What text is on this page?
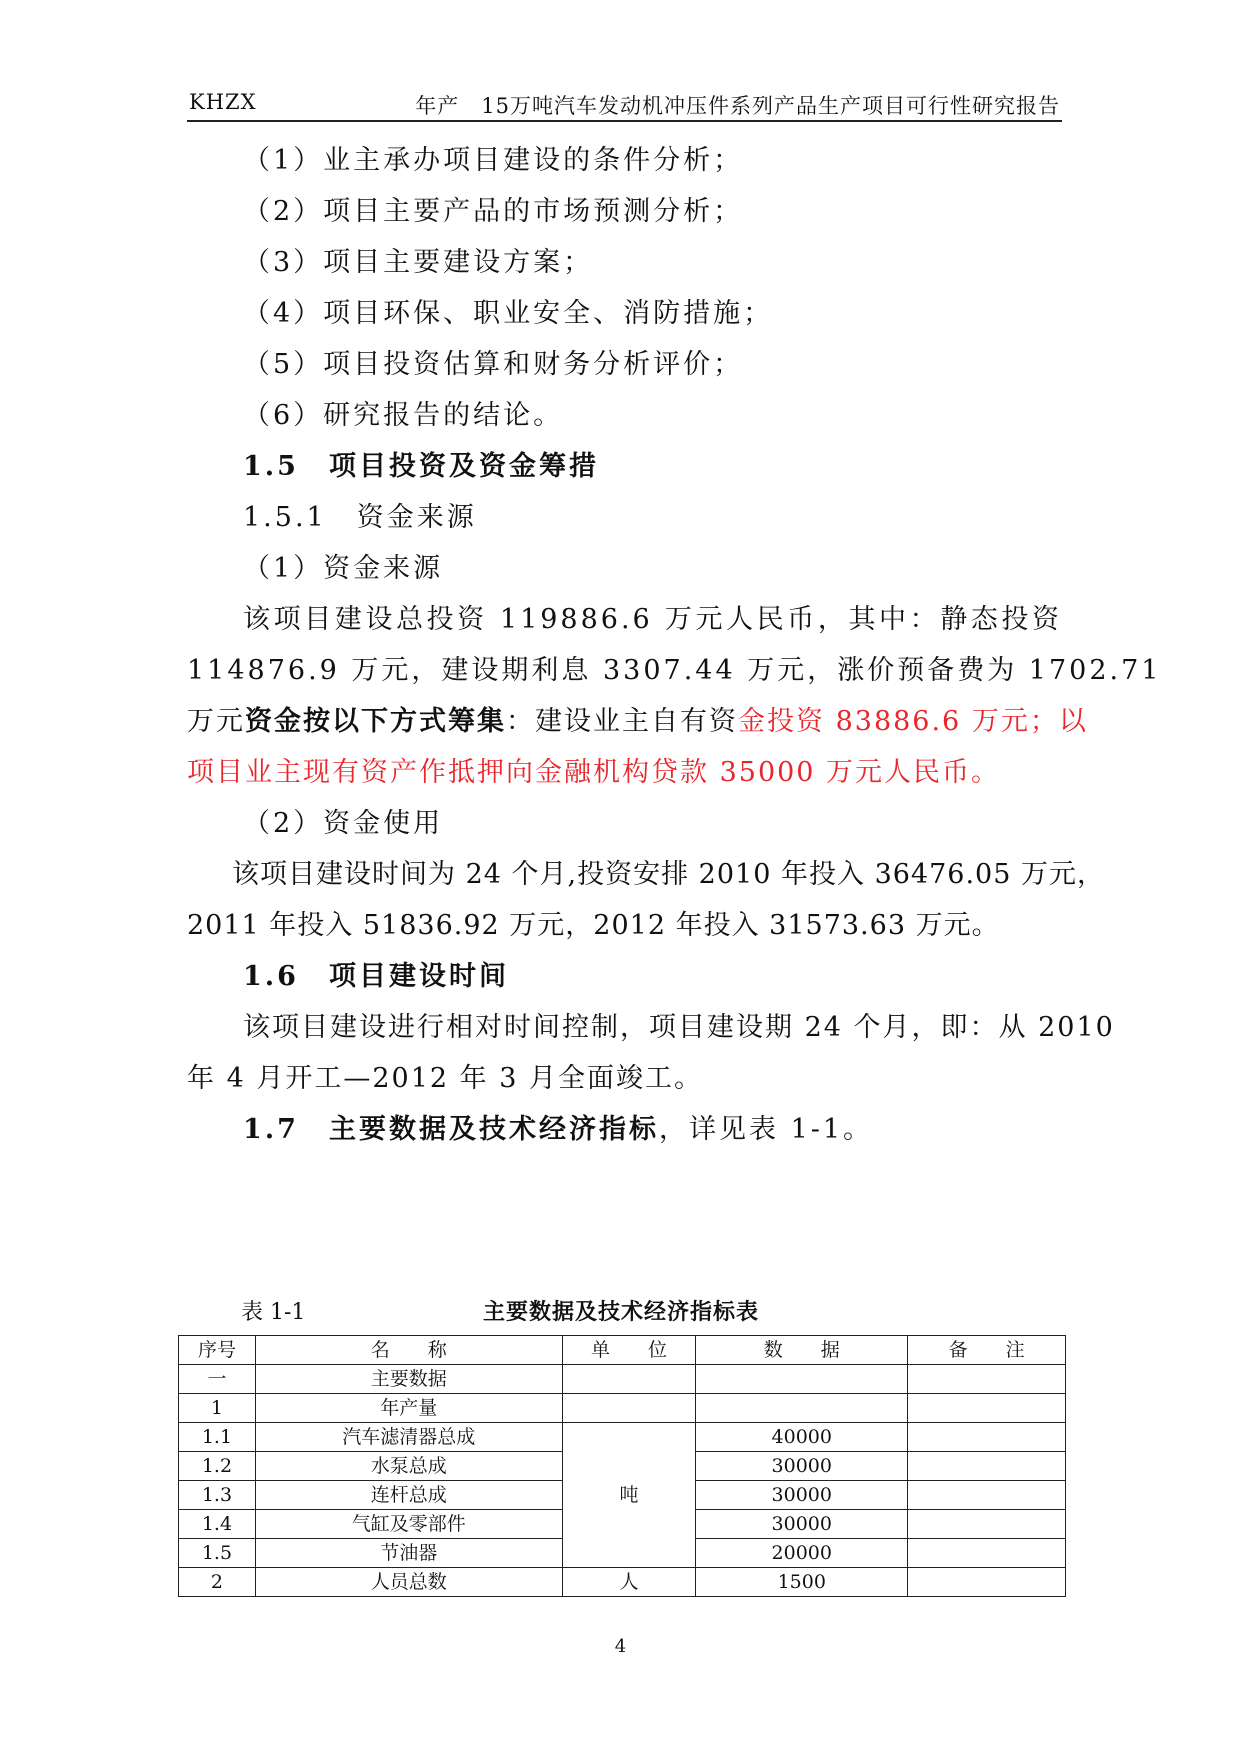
KHZX	年产　15万吨汽车发动机冲压件系列产品生产项目可行性研究报告
（1）业主承办项目建设的条件分析；
（2）项目主要产品的市场预测分析；
（3）项目主要建设方案；
（4）项目环保、职业安全、消防措施；
（5）项目投资估算和财务分析评价；
（6）研究报告的结论。
1.5　项目投资及资金筹措
1.5.1　资金来源
（1）资金来源
该项目建设总投资 119886.6 万元人民币，其中：静态投资
114876.9 万元，建设期利息 3307.44 万元，涨价预备费为 1702.71
万元资金按以下方式筹集：建设业主自有资金投资 83886.6 万元；以
项目业主现有资产作抵押向金融机构贷款 35000 万元人民币。
（2）资金使用
该项目建设时间为 24 个月,投资安排 2010 年投入 36476.05 万元，
2011 年投入 51836.92 万元，2012 年投入 31573.63 万元。
1.6　项目建设时间
该项目建设进行相对时间控制，项目建设期 24 个月，即：从 2010
年 4 月开工—2012 年 3 月全面竣工。
1.7　主要数据及技术经济指标，详见表 1-1。
表 1-1	主要数据及技术经济指标表
序号	名　　称	单　　位	数　　据	备　　注
一	主要数据			
1	年产量			
1.1	汽车滤清器总成	吨	40000	
1.2	水泵总成		30000	
1.3	连杆总成		30000	
1.4	气缸及零部件		30000	
1.5	节油器		20000	
2	人员总数	人	1500	
4
